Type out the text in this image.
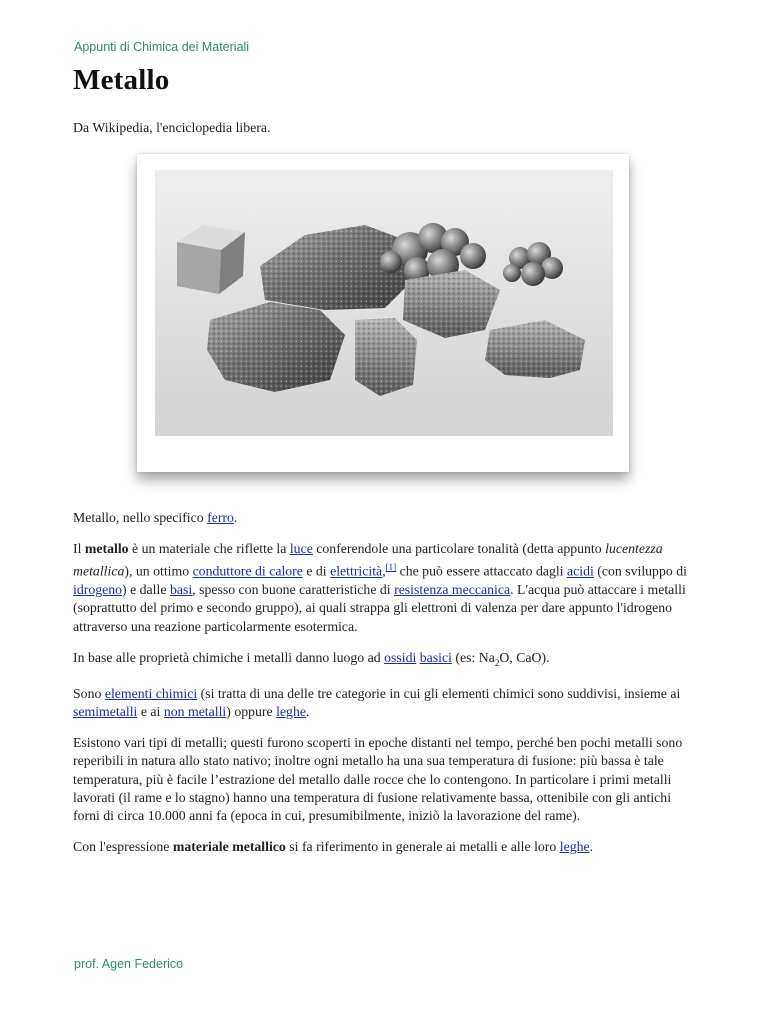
Appunti di Chimica dei Materiali
Metallo
Da Wikipedia, l'enciclopedia libera.

Metallo, nello specifico ferro.

Il metallo è un materiale che riflette la luce conferendole una particolare tonalità (detta appunto lucentezza metallica), un ottimo conduttore di calore e di elettricità,[1] che può essere attaccato dagli acidi (con sviluppo di idrogeno) e dalle basi, spesso con buone caratteristiche di resistenza meccanica. L'acqua può attaccare i metalli (soprattutto del primo e secondo gruppo), ai quali strappa gli elettroni di valenza per dare appunto l'idrogeno attraverso una reazione particolarmente esotermica.

In base alle proprietà chimiche i metalli danno luogo ad ossidi basici (es: $Na_2O$, CaO).

Sono elementi chimici (si tratta di una delle tre categorie in cui gli elementi chimici sono suddivisi, insieme ai semimetalli e ai non metalli) oppure leghe.

Esistono vari tipi di metalli; questi furono scoperti in epoche distanti nel tempo, perché ben pochi metalli sono reperibili in natura allo stato nativo; inoltre ogni metallo ha una sua temperatura di fusione: più bassa è tale temperatura, più è facile l’estrazione del metallo dalle rocce che lo contengono. In particolare i primi metalli lavorati (il rame e lo stagno) hanno una temperatura di fusione relativamente bassa, ottenibile con gli antichi forni di circa 10.000 anni fa (epoca in cui, presumibilmente, iniziò la lavorazione del rame).

Con l'espressione materiale metallico si fa riferimento in generale ai metalli e alle loro leghe.

prof. Agen Federico
